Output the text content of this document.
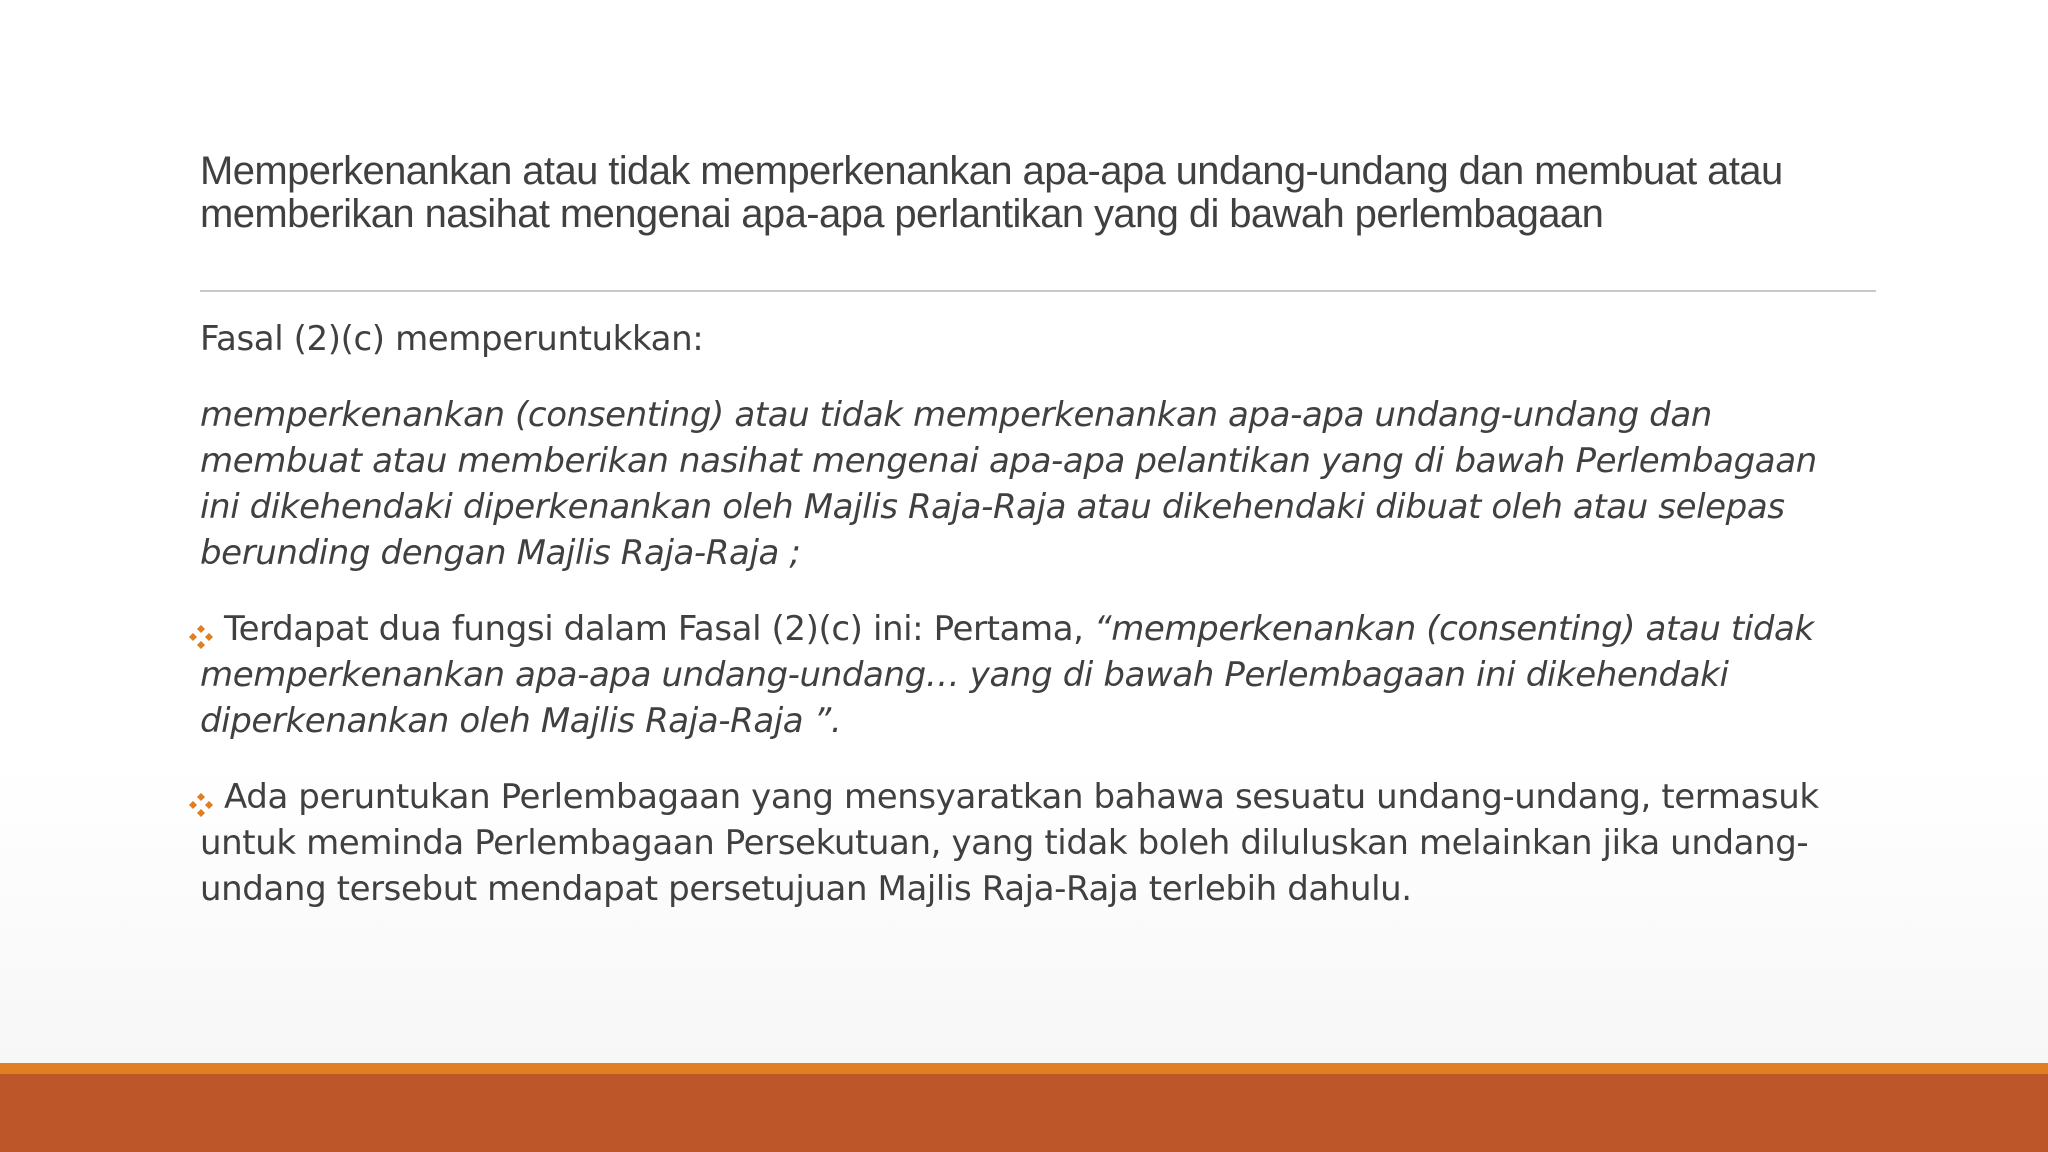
Memperkenankan atau tidak memperkenankan apa-apa undang-undang dan membuat atau
memberikan nasihat mengenai apa-apa perlantikan yang di bawah perlembagaan

Fasal (2)(c) memperuntukkan:

memperkenankan (consenting) atau tidak memperkenankan apa-apa undang-undang dan
membuat atau memberikan nasihat mengenai apa-apa pelantikan yang di bawah Perlembagaan
ini dikehendaki diperkenankan oleh Majlis Raja-Raja atau dikehendaki dibuat oleh atau selepas
berunding dengan Majlis Raja-Raja ;

Terdapat dua fungsi dalam Fasal (2)(c) ini: Pertama, “memperkenankan (consenting) atau tidak
memperkenankan apa-apa undang-undang… yang di bawah Perlembagaan ini dikehendaki
diperkenankan oleh Majlis Raja-Raja ”.
Ada peruntukan Perlembagaan yang mensyaratkan bahawa sesuatu undang-undang, termasuk
untuk meminda Perlembagaan Persekutuan, yang tidak boleh diluluskan melainkan jika undang-
undang tersebut mendapat persetujuan Majlis Raja-Raja terlebih dahulu.
